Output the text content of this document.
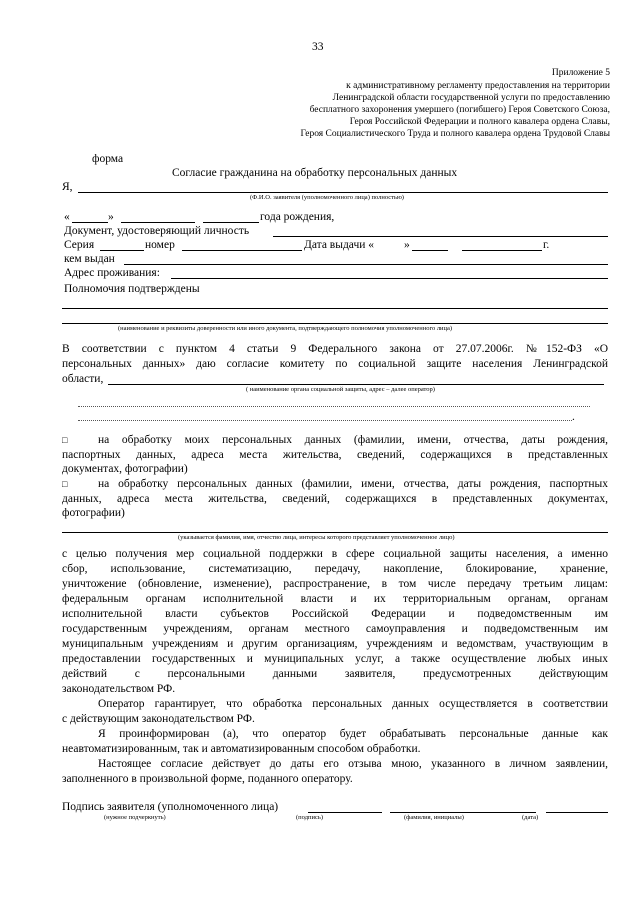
33
Приложение 5
к административному регламенту предоставления на территории
Ленинградской области государственной услуги по предоставлению
бесплатного захоронения умершего (погибшего) Героя Советского Союза,
Героя Российской Федерации и полного кавалера ордена Славы,
Героя Социалистического Труда и полного кавалера ордена Трудовой Славы
форма
Согласие гражданина на обработку персональных данных
Я,
(Ф.И.О. заявителя (уполномоченного лица) полностью)
«	»	года рождения,
Документ, удостоверяющий личность
Серия	номер	Дата выдачи «	»	г.
кем выдан
Адрес проживания:
Полномочия подтверждены
(наименование и реквизиты доверенности или иного документа, подтверждающего полномочия уполномоченного лица)
В соответствии с пунктом 4 статьи 9 Федерального закона от 27.07.2006г. №152-ФЗ «О
персональных данных» даю согласие комитету по социальной защите населения Ленинградской
области,
( наименование органа социальной защиты, адрес – далее оператор)
.
□	на обработку моих персональных данных (фамилии, имени, отчества, даты рождения,
паспортных данных, адреса места жительства, сведений, содержащихся в представленных
документах, фотографии)
□	на обработку персональных данных (фамилии, имени, отчества, даты рождения, паспортных
данных, адреса места жительства, сведений, содержащихся в представленных документах,
фотографии)
(указывается фамилия, имя, отчество лица, интересы которого представляет уполномоченное лицо)
с целью получения мер социальной поддержки в сфере социальной защиты населения, а именно
сбор, использование, систематизацию, передачу, накопление, блокирование, хранение,
уничтожение (обновление, изменение), распространение, в том числе передачу третьим лицам:
федеральным органам исполнительной власти и их территориальным органам, органам
исполнительной власти субъектов Российской Федерации и подведомственным им
государственным учреждениям, органам местного самоуправления и подведомственным им
муниципальным учреждениям и другим организациям, учреждениям и ведомствам, участвующим в
предоставлении государственных и муниципальных услуг, а также осуществление любых иных
действий с персональными данными заявителя, предусмотренных действующим
законодательством РФ.
Оператор гарантирует, что обработка персональных данных осуществляется в соответствии
с действующим законодательством РФ.
Я проинформирован (а), что оператор будет обрабатывать персональные данные как
неавтоматизированным, так и автоматизированным способом обработки.
Настоящее согласие действует до даты его отзыва мною, указанного в личном заявлении,
заполненного в произвольной форме, поданного оператору.
Подпись заявителя (уполномоченного лица)
(нужное подчеркнуть)	(подпись)	(фамилия, инициалы)	(дата)
